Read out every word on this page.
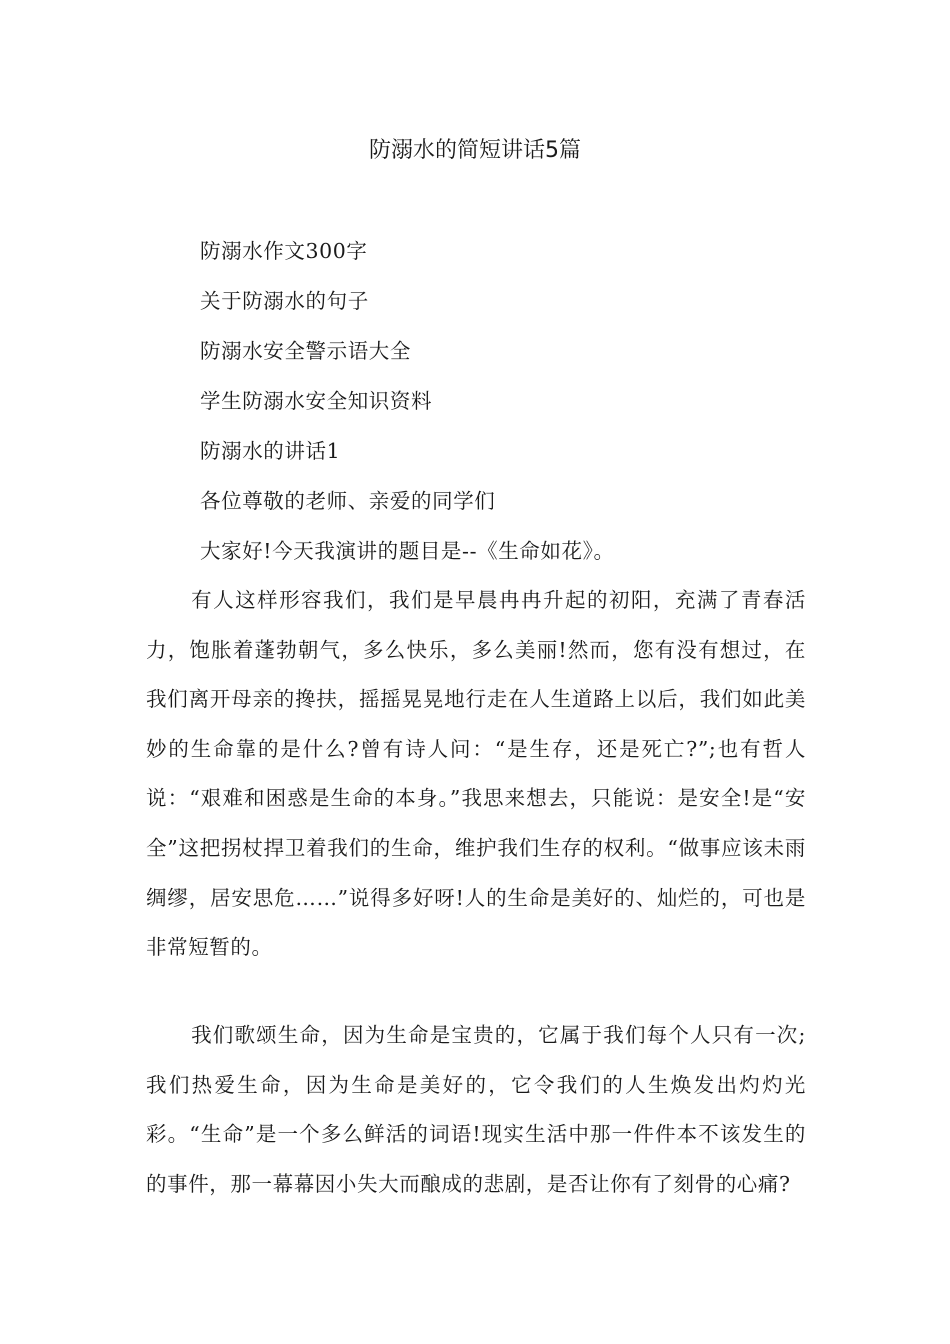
防溺水的简短讲话5篇
防溺水作文300字
关于防溺水的句子
防溺水安全警示语大全
学生防溺水安全知识资料
防溺水的讲话1
各位尊敬的老师、亲爱的同学们
大家好!今天我演讲的题目是--《生命如花》。

有人这样形容我们，我们是早晨冉冉升起的初阳，充满了青春活力，饱胀着蓬勃朝气，多么快乐，多么美丽!然而，您有没有想过，在我们离开母亲的搀扶，摇摇晃晃地行走在人生道路上以后，我们如此美妙的生命靠的是什么?曾有诗人问：“是生存，还是死亡?”;也有哲人说：“艰难和困惑是生命的本身。”我思来想去，只能说：是安全!是“安全”这把拐杖捍卫着我们的生命，维护我们生存的权利。“做事应该未雨绸缪，居安思危……”说得多好呀!人的生命是美好的、灿烂的，可也是非常短暂的。

我们歌颂生命，因为生命是宝贵的，它属于我们每个人只有一次;我们热爱生命，因为生命是美好的，它令我们的人生焕发出灼灼光彩。“生命”是一个多么鲜活的词语!现实生活中那一件件本不该发生的的事件，那一幕幕因小失大而酿成的悲剧，是否让你有了刻骨的心痛?
